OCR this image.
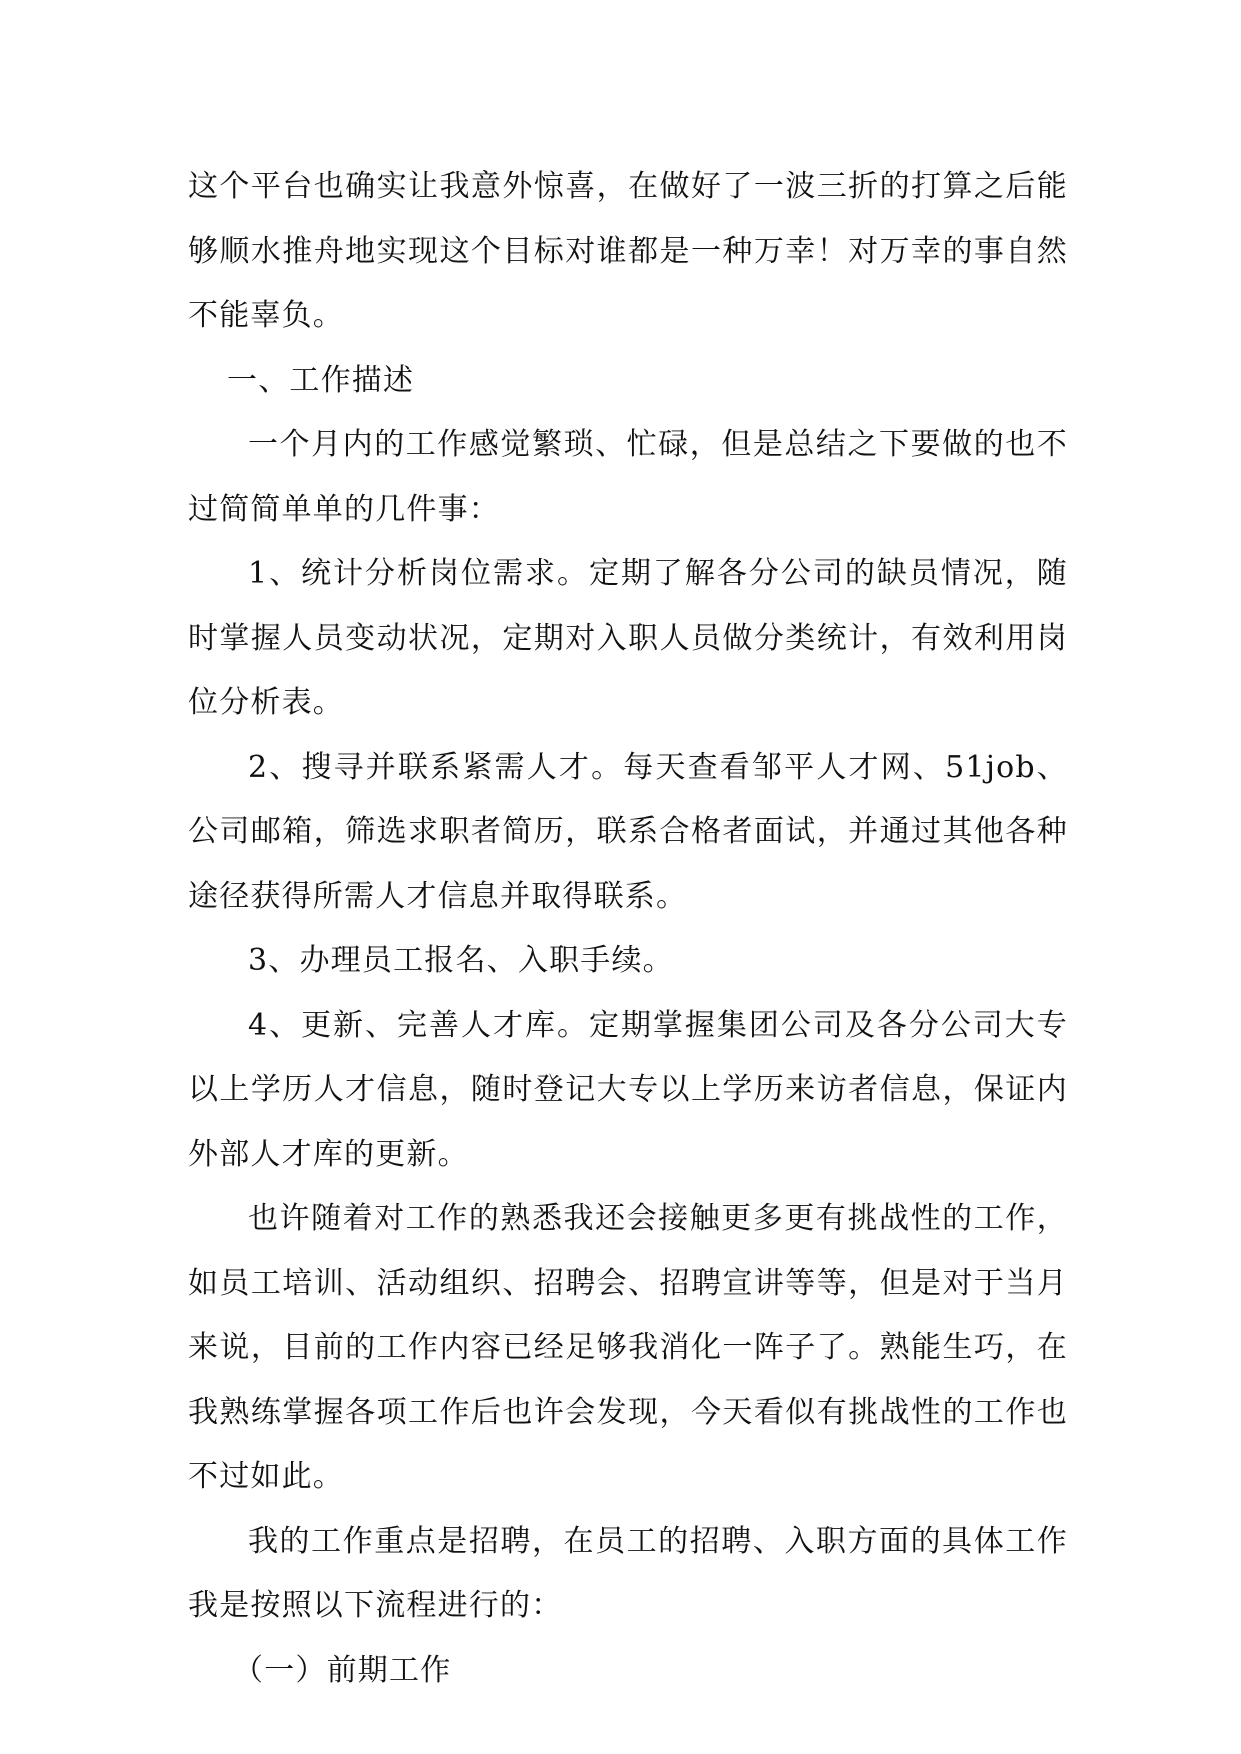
这个平台也确实让我意外惊喜，在做好了一波三折的打算之后能够顺水推舟地实现这个目标对谁都是一种万幸！对万幸的事自然不能辜负。

一、工作描述

一个月内的工作感觉繁琐、忙碌，但是总结之下要做的也不过简简单单的几件事：

1、统计分析岗位需求。定期了解各分公司的缺员情况，随时掌握人员变动状况，定期对入职人员做分类统计，有效利用岗位分析表。

2、搜寻并联系紧需人才。每天查看邹平人才网、51job、公司邮箱，筛选求职者简历，联系合格者面试，并通过其他各种途径获得所需人才信息并取得联系。

3、办理员工报名、入职手续。

4、更新、完善人才库。定期掌握集团公司及各分公司大专以上学历人才信息，随时登记大专以上学历来访者信息，保证内外部人才库的更新。

也许随着对工作的熟悉我还会接触更多更有挑战性的工作，如员工培训、活动组织、招聘会、招聘宣讲等等，但是对于当月来说，目前的工作内容已经足够我消化一阵子了。熟能生巧，在我熟练掌握各项工作后也许会发现，今天看似有挑战性的工作也不过如此。

我的工作重点是招聘，在员工的招聘、入职方面的具体工作我是按照以下流程进行的：

（一）前期工作
